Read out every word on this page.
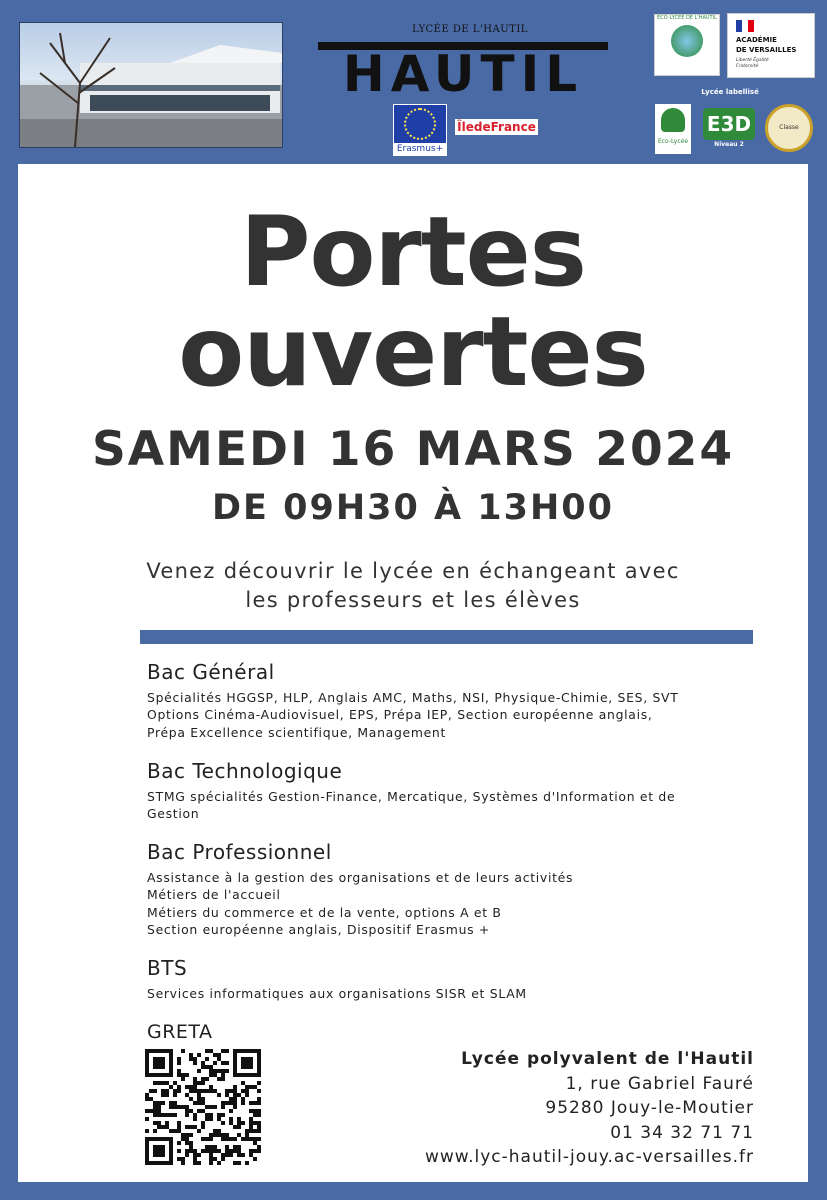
LYCÉE DE L'HAUTIL
HAUTIL
Erasmus+
ÎledeFrance
ECO-LYCÉE DE L'HAUTIL
ACADÉMIE
DE VERSAILLES
Liberté Égalité Fraternité
Lycée labellisé
Eco-Lycée
E3D
Niveau 2
Classe
Portes
ouvertes
SAMEDI 16 MARS 2024
DE 09H30 À 13H00
Venez découvrir le lycée en échangeant avec
les professeurs et les élèves
Bac Général
Spécialités HGGSP, HLP, Anglais AMC, Maths, NSI, Physique-Chimie, SES, SVT
Options Cinéma-Audiovisuel, EPS, Prépa IEP, Section européenne anglais,
Prépa Excellence scientifique, Management
Bac Technologique
STMG spécialités Gestion-Finance, Mercatique, Systèmes d'Information et de
Gestion
Bac Professionnel
Assistance à la gestion des organisations et de leurs activités
Métiers de l'accueil
Métiers du commerce et de la vente, options A et B
Section européenne anglais, Dispositif Erasmus +
BTS
Services informatiques aux organisations SISR et SLAM
GRETA
Lycée polyvalent de l'Hautil
1, rue Gabriel Fauré
95280 Jouy-le-Moutier
01 34 32 71 71
www.lyc-hautil-jouy.ac-versailles.fr
